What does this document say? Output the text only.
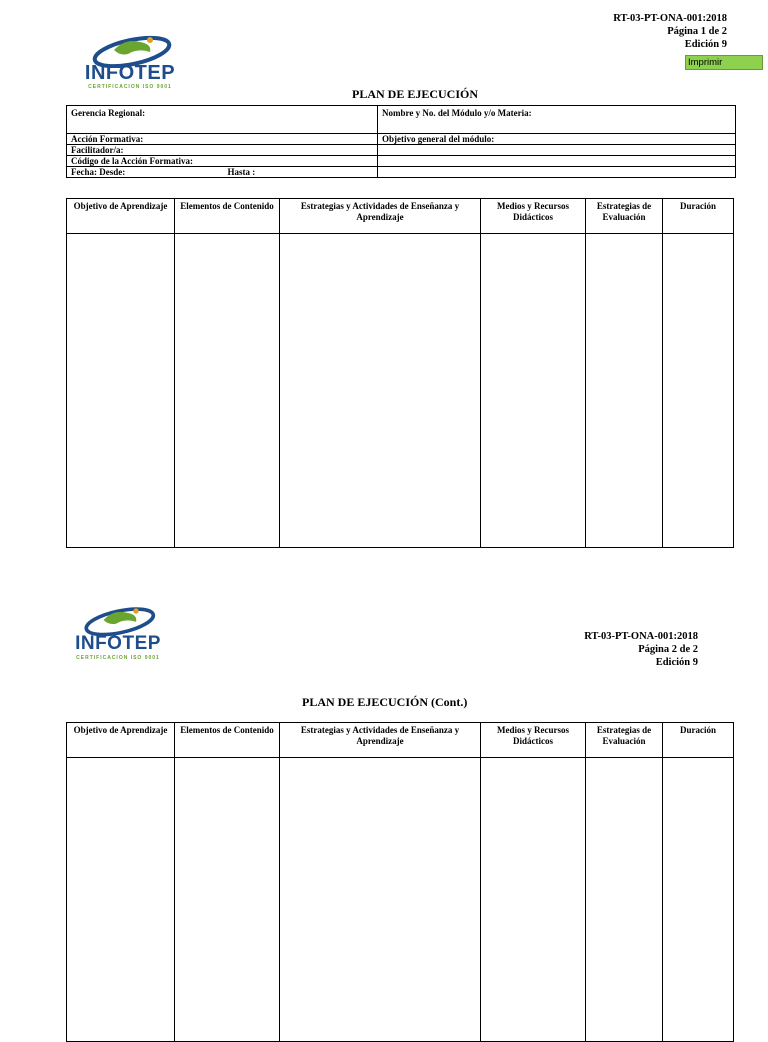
INFOTEP
CERTIFICACION ISO 9001
RT-03-PT-ONA-001:2018
Página 1 de 2
Edición 9
Imprimir
PLAN DE EJECUCIÓN
Gerencia Regional:	Nombre y No. del Módulo y/o Materia:
Acción Formativa:	Objetivo general del módulo:
Facilitador/a:	
Código de la Acción Formativa:	
Fecha: Desde: Hasta :	
Objetivo de Aprendizaje	Elementos de Contenido	Estrategias y Actividades de Enseñanza y Aprendizaje	Medios y Recursos Didácticos	Estrategias de Evaluación	Duración

INFOTEP
CERTIFICACION ISO 9001
RT-03-PT-ONA-001:2018
Página 2 de 2
Edición 9
PLAN DE EJECUCIÓN (Cont.)
Objetivo de Aprendizaje	Elementos de Contenido	Estrategias y Actividades de Enseñanza y Aprendizaje	Medios y Recursos Didácticos	Estrategias de Evaluación	Duración
